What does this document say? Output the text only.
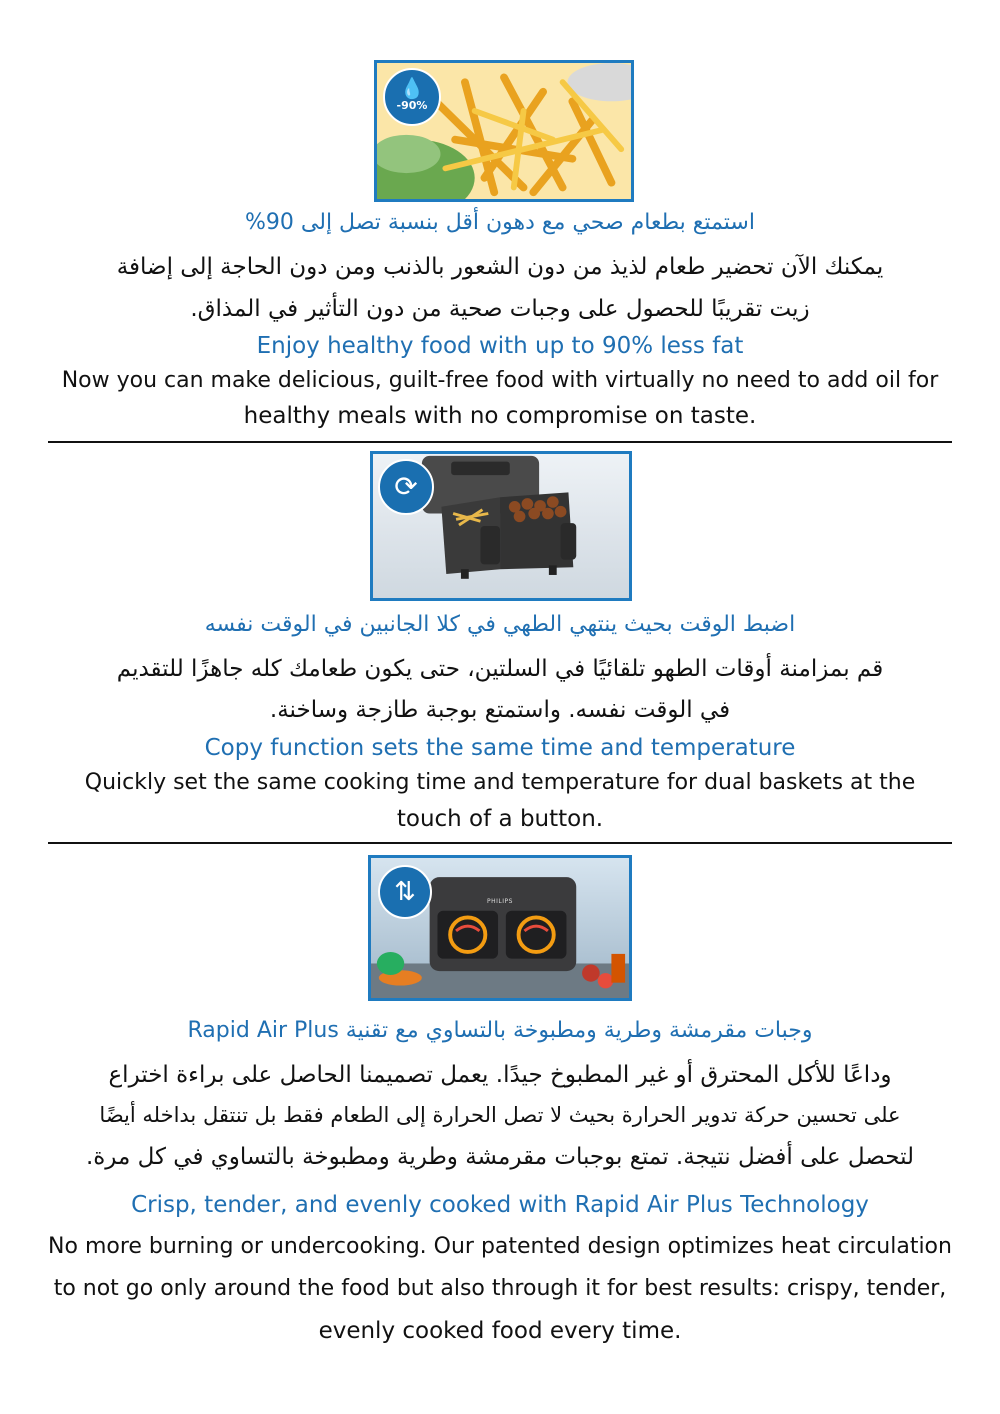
💧
-90%
استمتع بطعام صحي مع دهون أقل بنسبة تصل إلى 90%
يمكنك الآن تحضير طعام لذيذ من دون الشعور بالذنب ومن دون الحاجة إلى إضافة
زيت تقريبًا للحصول على وجبات صحية من دون التأثير في المذاق.
Enjoy healthy food with up to 90% less fat
Now you can make delicious, guilt-free food with virtually no need to add oil for
healthy meals with no compromise on taste.
⟳
اضبط الوقت بحيث ينتهي الطهي في كلا الجانبين في الوقت نفسه
قم بمزامنة أوقات الطهو تلقائيًا في السلتين، حتى يكون طعامك كله جاهزًا للتقديم
في الوقت نفسه. واستمتع بوجبة طازجة وساخنة.
Copy function sets the same time and temperature
Quickly set the same cooking time and temperature for dual baskets at the
touch of a button.
PHILIPS
⇅
وجبات مقرمشة وطرية ومطبوخة بالتساوي مع تقنية Rapid Air Plus
وداعًا للأكل المحترق أو غير المطبوخ جيدًا. يعمل تصميمنا الحاصل على براءة اختراع
على تحسين حركة تدوير الحرارة بحيث لا تصل الحرارة إلى الطعام فقط بل تنتقل بداخله أيضًا
لتحصل على أفضل نتيجة. تمتع بوجبات مقرمشة وطرية ومطبوخة بالتساوي في كل مرة.
Crisp, tender, and evenly cooked with Rapid Air Plus Technology
No more burning or undercooking. Our patented design optimizes heat circulation
to not go only around the food but also through it for best results: crispy, tender,
evenly cooked food every time.
